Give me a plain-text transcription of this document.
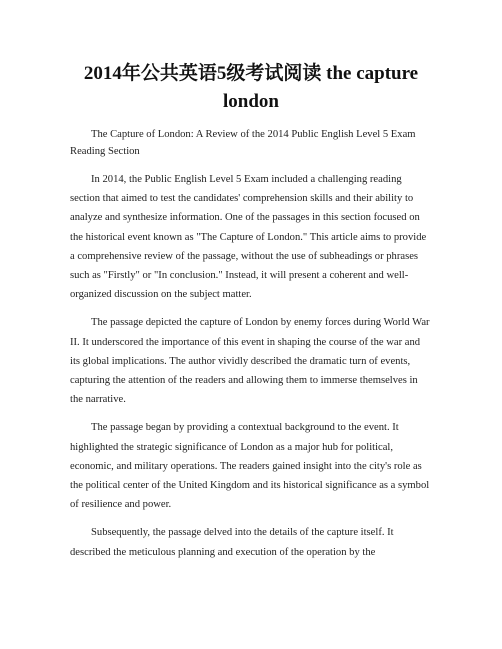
2014年公共英语5级考试阅读 the capture london

The Capture of London: A Review of the 2014 Public English Level 5 Exam Reading Section

In 2014, the Public English Level 5 Exam included a challenging reading section that aimed to test the candidates' comprehension skills and their ability to analyze and synthesize information. One of the passages in this section focused on the historical event known as "The Capture of London." This article aims to provide a comprehensive review of the passage, without the use of subheadings or phrases such as "Firstly" or "In conclusion." Instead, it will present a coherent and well-organized discussion on the subject matter.

The passage depicted the capture of London by enemy forces during World War II. It underscored the importance of this event in shaping the course of the war and its global implications. The author vividly described the dramatic turn of events, capturing the attention of the readers and allowing them to immerse themselves in the narrative.

The passage began by providing a contextual background to the event. It highlighted the strategic significance of London as a major hub for political, economic, and military operations. The readers gained insight into the city's role as the political center of the United Kingdom and its historical significance as a symbol of resilience and power.

Subsequently, the passage delved into the details of the capture itself. It described the meticulous planning and execution of the operation by the
